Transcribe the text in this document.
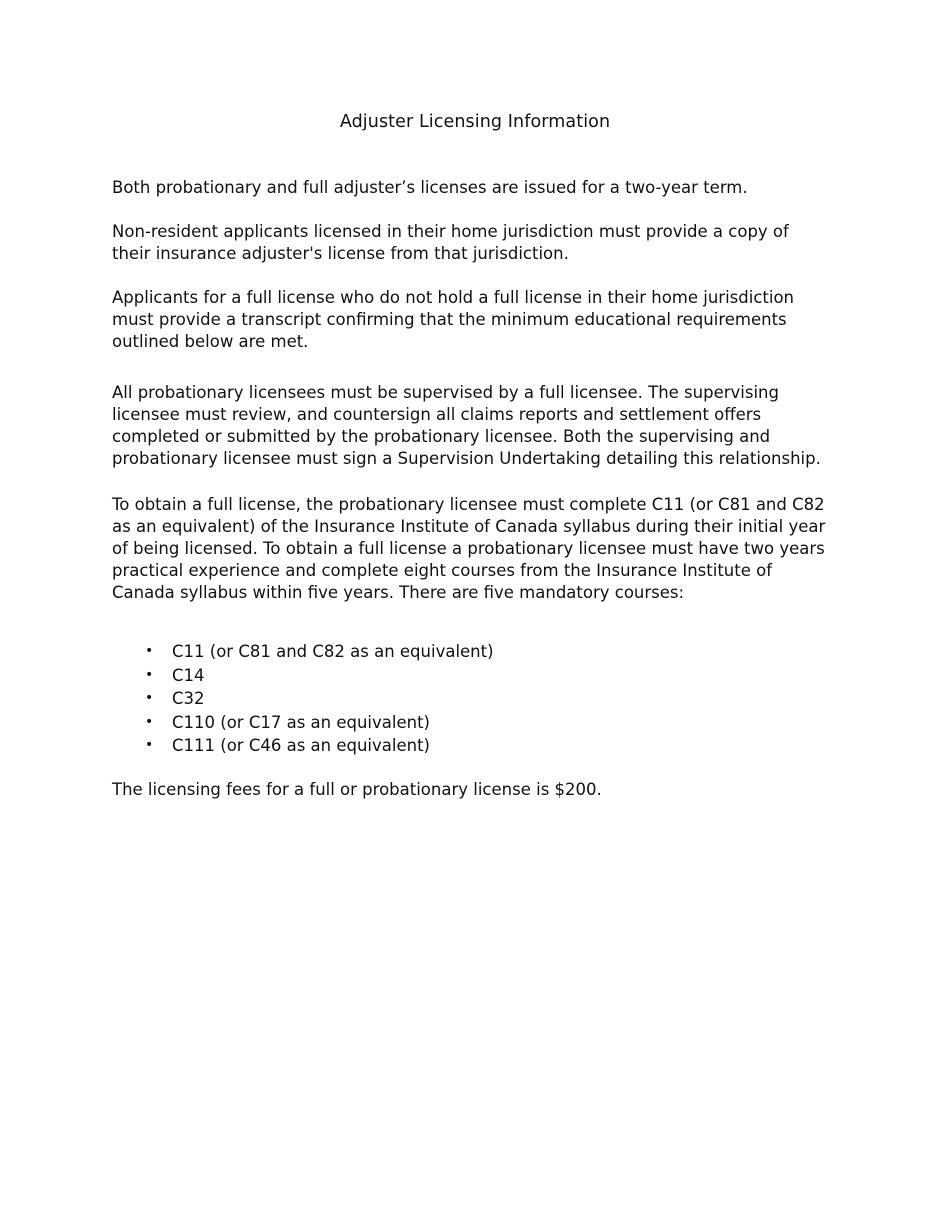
Adjuster Licensing Information

Both probationary and full adjuster’s licenses are issued for a two-year term.

Non-resident applicants licensed in their home jurisdiction must provide a copy of their insurance adjuster's license from that jurisdiction.

Applicants for a full license who do not hold a full license in their home jurisdiction must provide a transcript confirming that the minimum educational requirements outlined below are met.

All probationary licensees must be supervised by a full licensee. The supervising licensee must review, and countersign all claims reports and settlement offers completed or submitted by the probationary licensee. Both the supervising and probationary licensee must sign a Supervision Undertaking detailing this relationship.

To obtain a full license, the probationary licensee must complete C11 (or C81 and C82 as an equivalent) of the Insurance Institute of Canada syllabus during their initial year of being licensed. To obtain a full license a probationary licensee must have two years practical experience and complete eight courses from the Insurance Institute of Canada syllabus within five years. There are five mandatory courses:

• C11 (or C81 and C82 as an equivalent)
• C14
• C32
• C110 (or C17 as an equivalent)
• C111 (or C46 as an equivalent)

The licensing fees for a full or probationary license is $200.
